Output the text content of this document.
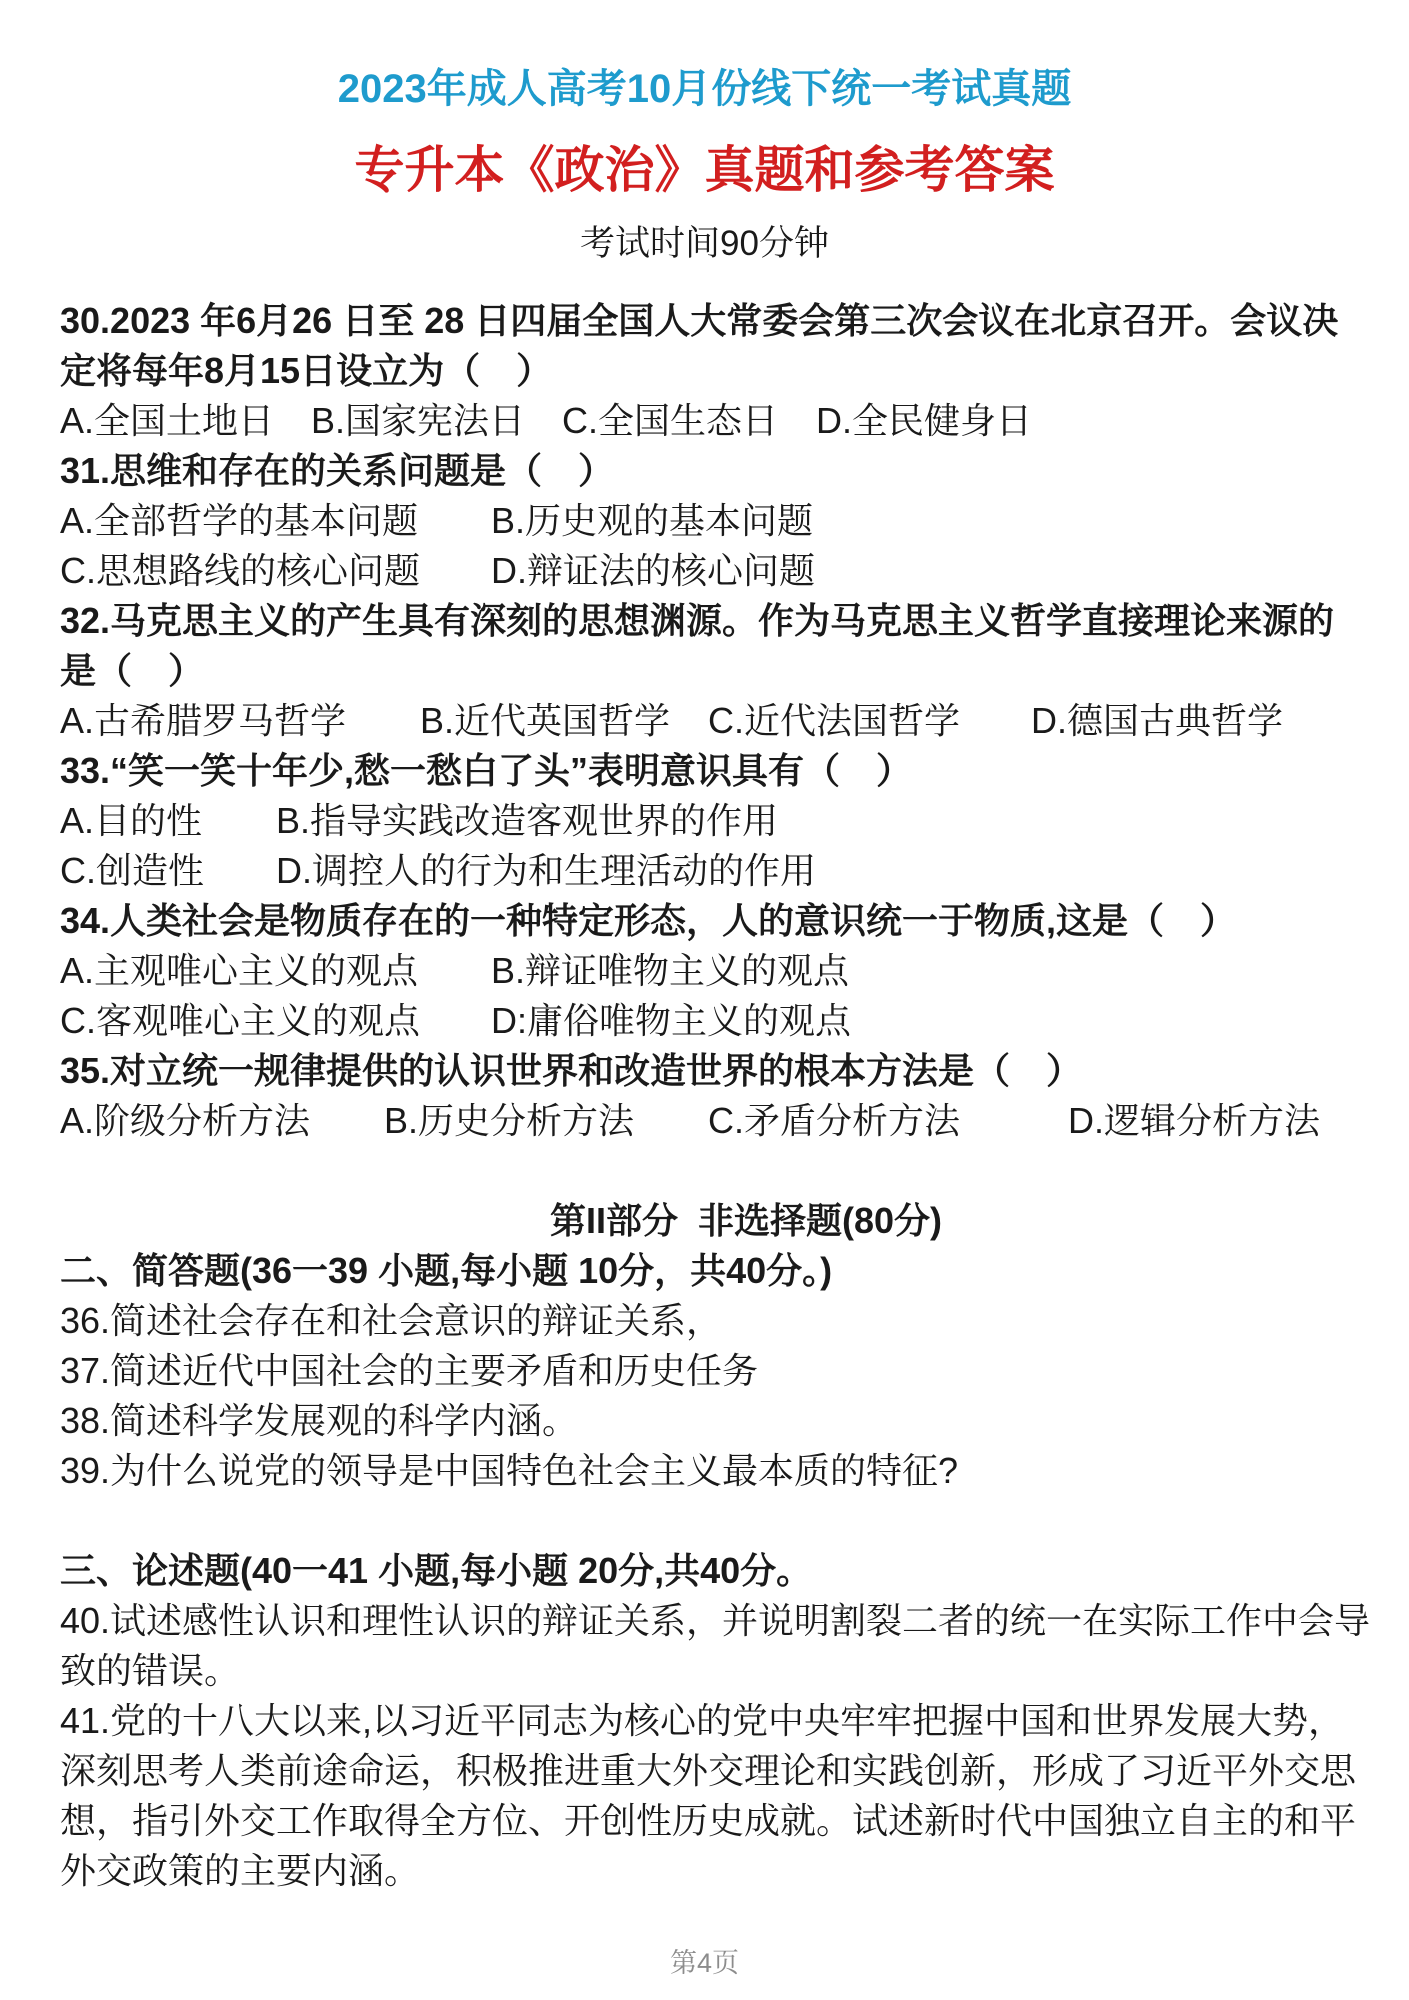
2023年成人高考10月份线下统一考试真题
专升本《政治》真题和参考答案
考试时间90分钟
30.2023 年6月26 日至 28 日四届全国人大常委会第三次会议在北京召开。会议决
定将每年8月15日设立为（　）

A.全国土地日

B.国家宪法日

C.全国生态日

D.全民健身日

31.思维和存在的关系问题是（　）

A.全部哲学的基本问题

B.历史观的基本问题

C.思想路线的核心问题

D.辩证法的核心问题

32.马克思主义的产生具有深刻的思想渊源。作为马克思主义哲学直接理论来源的
是（　）

A.古希腊罗马哲学

B.近代英国哲学

C.近代法国哲学

D.德国古典哲学

33.“笑一笑十年少,愁一愁白了头”表明意识具有（　）

A.目的性

B.指导实践改造客观世界的作用

C.创造性

D.调控人的行为和生理活动的作用

34.人类社会是物质存在的一种特定形态，人的意识统一于物质,这是（　）

A.主观唯心主义的观点

B.辩证唯物主义的观点

C.客观唯心主义的观点

D:庸俗唯物主义的观点

35.对立统一规律提供的认识世界和改造世界的根本方法是（　）

A.阶级分析方法

B.历史分析方法

C.矛盾分析方法

	D.逻辑分析方法

第II部分  非选择题(80分)
二、简答题(36一39 小题,每小题 10分，共40分。)
36.简述社会存在和社会意识的辩证关系，
37.简述近代中国社会的主要矛盾和历史任务
38.简述科学发展观的科学内涵。
39.为什么说党的领导是中国特色社会主义最本质的特征?
三、论述题(40一41 小题,每小题 20分,共40分。
40.试述感性认识和理性认识的辩证关系，并说明割裂二者的统一在实际工作中会导
致的错误。
41.党的十八大以来,以习近平同志为核心的党中央牢牢把握中国和世界发展大势，
深刻思考人类前途命运，积极推进重大外交理论和实践创新，形成了习近平外交思
想，指引外交工作取得全方位、开创性历史成就。试述新时代中国独立自主的和平
外交政策的主要内涵。
第4页
